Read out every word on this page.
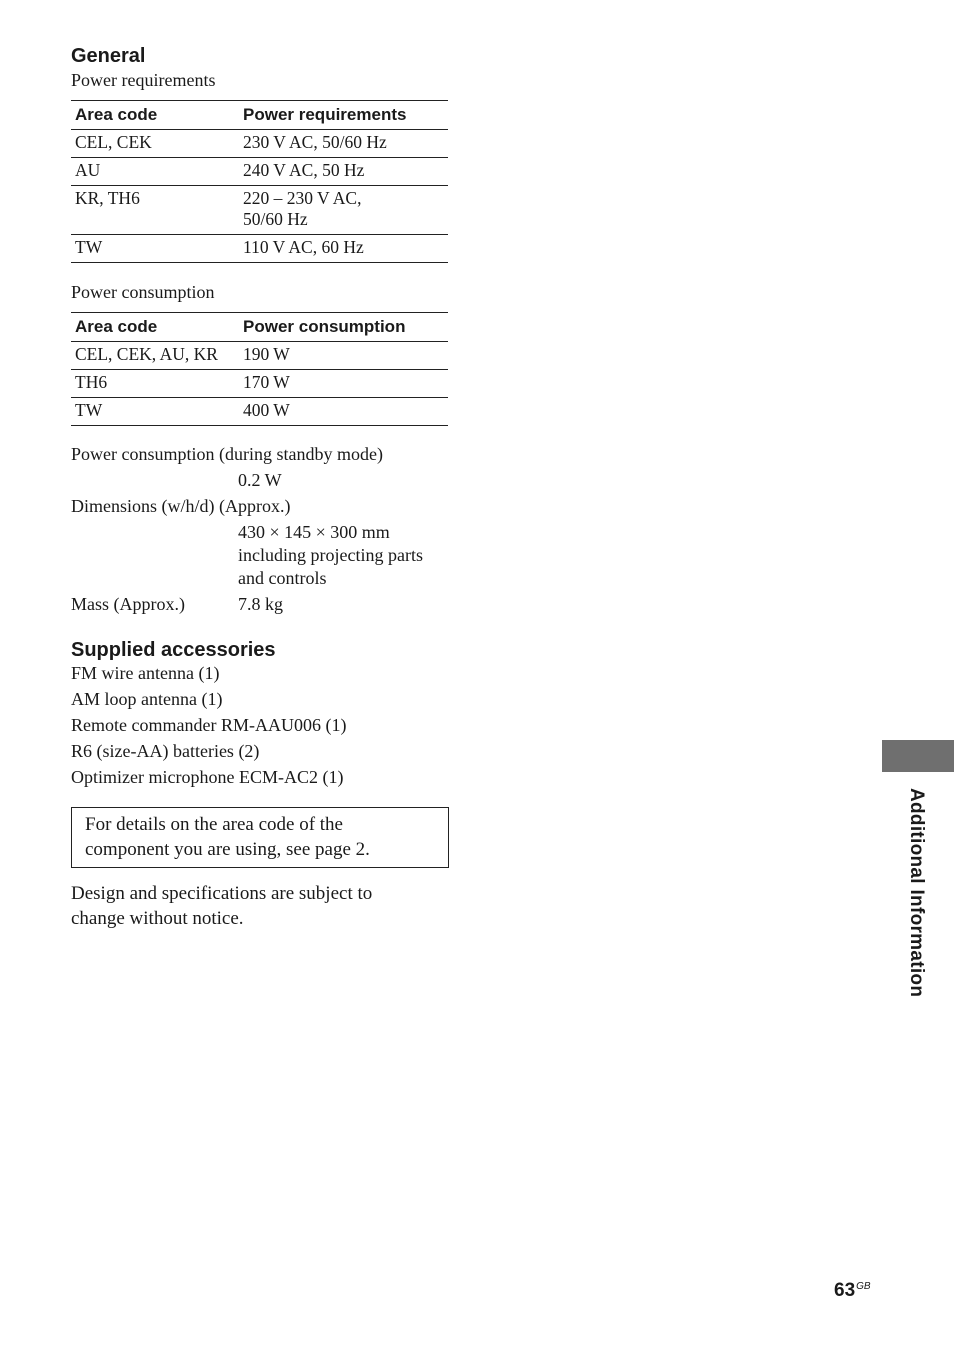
General
Power requirements
Area code	Power requirements
CEL, CEK	230 V AC, 50/60 Hz
AU	240 V AC, 50 Hz
KR, TH6	220 – 230 V AC,
50/60 Hz
TW	110 V AC, 60 Hz
Power consumption
Area code	Power consumption
CEL, CEK, AU, KR	190 W
TH6	170 W
TW	400 W
Power consumption (during standby mode)
0.2 W
Dimensions (w/h/d) (Approx.)
430 × 145 × 300 mm
including projecting parts
and controls
Mass (Approx.)	7.8 kg
Supplied accessories
FM wire antenna (1)
AM loop antenna (1)
Remote commander RM-AAU006 (1)
R6 (size-AA) batteries (2)
Optimizer microphone ECM-AC2 (1)
For details on the area code of the
component you are using, see page 2.
Design and specifications are subject to
change without notice.	Additional Information
$63^{GB}$
